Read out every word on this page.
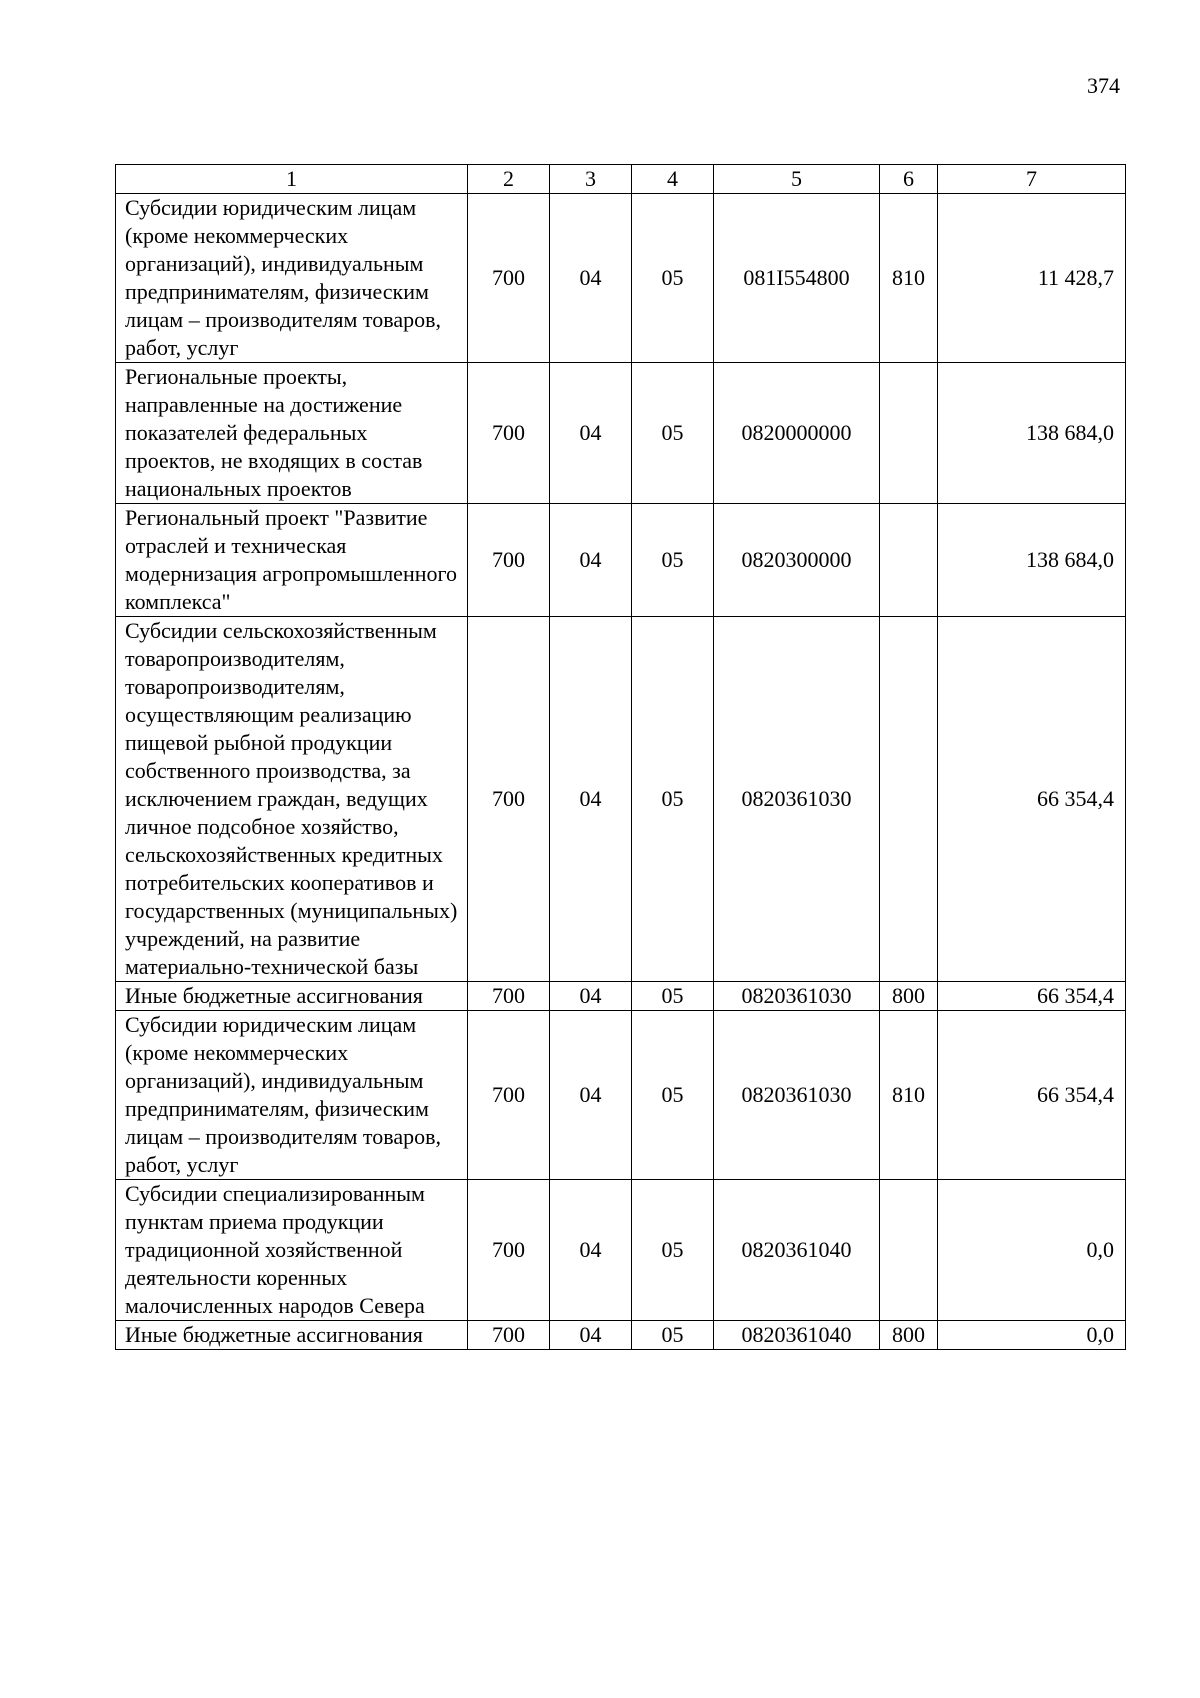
374
1	2	3	4	5	6	7
Субсидии юридическим лицам (кроме некоммерческих организаций), индивидуальным предпринимателям, физическим лицам – производителям товаров, работ, услуг	700	04	05	081I554800	810	11 428,7
Региональные проекты, направленные на достижение показателей федеральных проектов, не входящих в состав национальных проектов	700	04	05	0820000000		138 684,0
Региональный проект "Развитие отраслей и техническая модернизация агропромышленного комплекса"	700	04	05	0820300000		138 684,0
Субсидии сельскохозяйственным товаропроизводителям, товаропроизводителям, осуществляющим реализацию пищевой рыбной продукции собственного производства, за исключением граждан, ведущих личное подсобное хозяйство, сельскохозяйственных кредитных потребительских кооперативов и государственных (муниципальных) учреждений, на развитие материально-технической базы	700	04	05	0820361030		66 354,4
Иные бюджетные ассигнования	700	04	05	0820361030	800	66 354,4
Субсидии юридическим лицам (кроме некоммерческих организаций), индивидуальным предпринимателям, физическим лицам – производителям товаров, работ, услуг	700	04	05	0820361030	810	66 354,4
Субсидии специализированным пунктам приема продукции традиционной хозяйственной деятельности коренных малочисленных народов Севера	700	04	05	0820361040		0,0
Иные бюджетные ассигнования	700	04	05	0820361040	800	0,0
